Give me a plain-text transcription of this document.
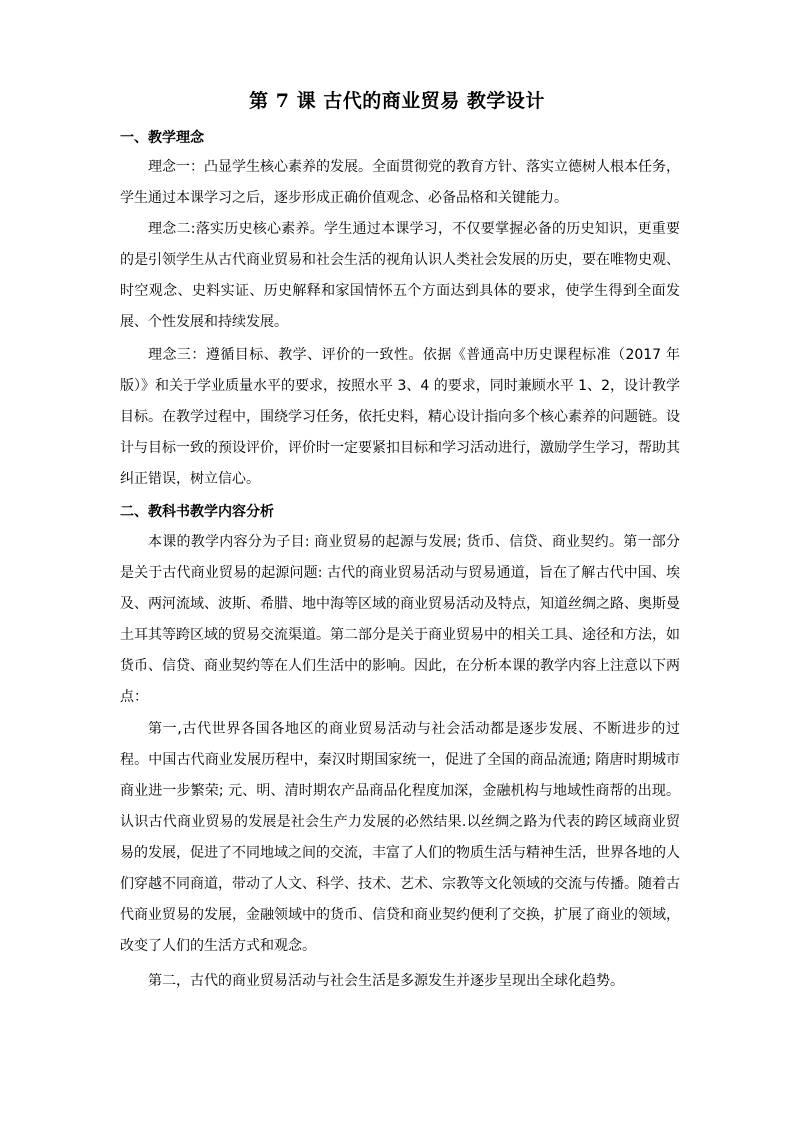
第 7 课 古代的商业贸易 教学设计
一、教学理念
理念一：凸显学生核心素养的发展。全面贯彻党的教育方针、落实立德树人根本任务，学生通过本课学习之后，逐步形成正确价值观念、必备品格和关键能力。
理念二:落实历史核心素养。学生通过本课学习，不仅要掌握必备的历史知识，更重要的是引领学生从古代商业贸易和社会生活的视角认识人类社会发展的历史，要在唯物史观、时空观念、史料实证、历史解释和家国情怀五个方面达到具体的要求，使学生得到全面发展、个性发展和持续发展。
理念三：遵循目标、教学、评价的一致性。依据《普通高中历史课程标准（2017 年版）》和关于学业质量水平的要求，按照水平 3、4 的要求，同时兼顾水平 1、2，设计教学目标。在教学过程中，围绕学习任务，依托史料，精心设计指向多个核心素养的问题链。设计与目标一致的预设评价，评价时一定要紧扣目标和学习活动进行，激励学生学习，帮助其纠正错误，树立信心。
二、教科书教学内容分析
本课的教学内容分为子目: 商业贸易的起源与发展; 货币、信贷、商业契约。第一部分是关于古代商业贸易的起源问题: 古代的商业贸易活动与贸易通道，旨在了解古代中国、埃及、两河流域、波斯、希腊、地中海等区域的商业贸易活动及特点，知道丝绸之路、奥斯曼土耳其等跨区域的贸易交流渠道。第二部分是关于商业贸易中的相关工具、途径和方法，如货币、信贷、商业契约等在人们生活中的影响。因此，在分析本课的教学内容上注意以下两点：
第一,古代世界各国各地区的商业贸易活动与社会活动都是逐步发展、不断进步的过程。中国古代商业发展历程中，秦汉时期国家统一，促进了全国的商品流通; 隋唐时期城市商业进一步繁荣; 元、明、清时期农产品商品化程度加深，金融机构与地域性商帮的出现。认识古代商业贸易的发展是社会生产力发展的必然结果.以丝绸之路为代表的跨区域商业贸易的发展，促进了不同地域之间的交流，丰富了人们的物质生活与精神生活，世界各地的人们穿越不同商道，带动了人文、科学、技术、艺术、宗教等文化领域的交流与传播。随着古代商业贸易的发展，金融领域中的货币、信贷和商业契约便利了交换，扩展了商业的领域，改变了人们的生活方式和观念。
第二，古代的商业贸易活动与社会生活是多源发生并逐步呈现出全球化趋势。
